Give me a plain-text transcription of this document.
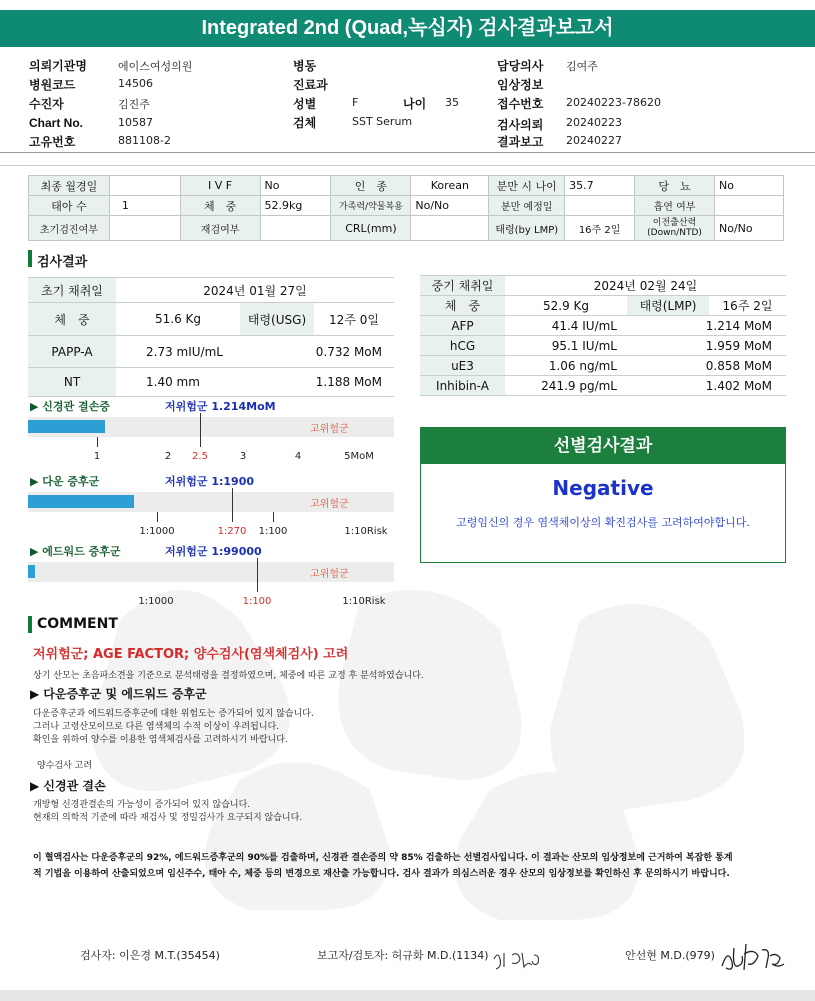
Integrated 2nd (Quad,녹십자) 검사결과보고서
의뢰기관명	에이스여성의원
병원코드	14506
수진자	김진주
Chart No.	10587
고유번호	881108-2
병동
진료과
성별	F	나이 35
검체	SST Serum
담당의사 김여주
임상정보
접수번호 20240223-78620
검사의뢰 20240223
결과보고 20240227
최종 월경일		I V F	No	인　종	Korean	분만 시 나이	35.7	당　뇨	No
태아 수	1	체　중	52.9kg	가족력/약물복용	No/No	분만 예정일		흡연 여부	
초기검진여부		재검여부		CRL(mm)		태령(by LMP)	16주 2일	이전출산력 (Down/NTD)	No/No
검사결과
초기 채취일	2024년 01월 27일		
체　중	51.6 Kg	태령(USG)	12주 0일
PAPP-A	2.73 mIU/mL	0.732 MoM	
NT	1.40 mm	1.188 MoM	
중기 채취일	2024년 02월 24일		
체　중	52.9 Kg	태령(LMP)	16주 2일
AFP	41.4 IU/mL	1.214 MoM	
hCG	95.1 IU/mL	1.959 MoM	
uE3	1.06 ng/mL	0.858 MoM	
Inhibin-A	241.9 pg/mL	1.402 MoM	
▶ 신경관 결손증	저위험군 1.214MoM
고위험군
1	2 2.5	3	4	5MoM
▶ 다운 증후군	저위험군 1:1900
고위험군
1:1000	1:270 1:100	1:10Risk
▶ 에드워드 증후군	저위험군 1:99000
고위험군
1:1000	1:100	1:10Risk
선별검사결과
Negative
고령임신의 경우 염색체이상의 확진검사를 고려하여야합니다.
COMMENT
저위험군; AGE FACTOR; 양수검사(염색체검사) 고려
상기 산모는 초음파소견을 기준으로 분석태령을 결정하였으며, 체중에 따른 교정 후 분석하였습니다.
▶ 다운증후군 및 에드워드 증후군
다운증후군과 에드워드증후군에 대한 위험도는 증가되어 있지 않습니다.
그러나 고령산모이므로 다른 염색체의 수적 이상이 우려됩니다.
확인을 위하여 양수를 이용한 염색체검사를 고려하시기 바랍니다.
양수검사 고려
▶ 신경관 결손
개방형 신경관결손의 가능성이 증가되어 있지 않습니다.
현재의 의학적 기준에 따라 재검사 및 정밀검사가 요구되지 않습니다.
이 혈액검사는 다운증후군의 92%, 에드워드증후군의 90%를 검출하며, 신경관 결손증의 약 85% 검출하는 선별검사입니다. 이 결과는 산모의 임상정보에 근거하여 복잡한 통계
적 기법을 이용하여 산출되었으며 임신주수, 태아 수, 체중 등의 변경으로 재산출 가능합니다. 검사 결과가 의심스러운 경우 산모의 임상정보를 확인하신 후 문의하시기 바랍니다.
검사자: 이은경 M.T.(35454)	보고자/검토자: 허규화 M.D.(1134)	안선현 M.D.(979)
